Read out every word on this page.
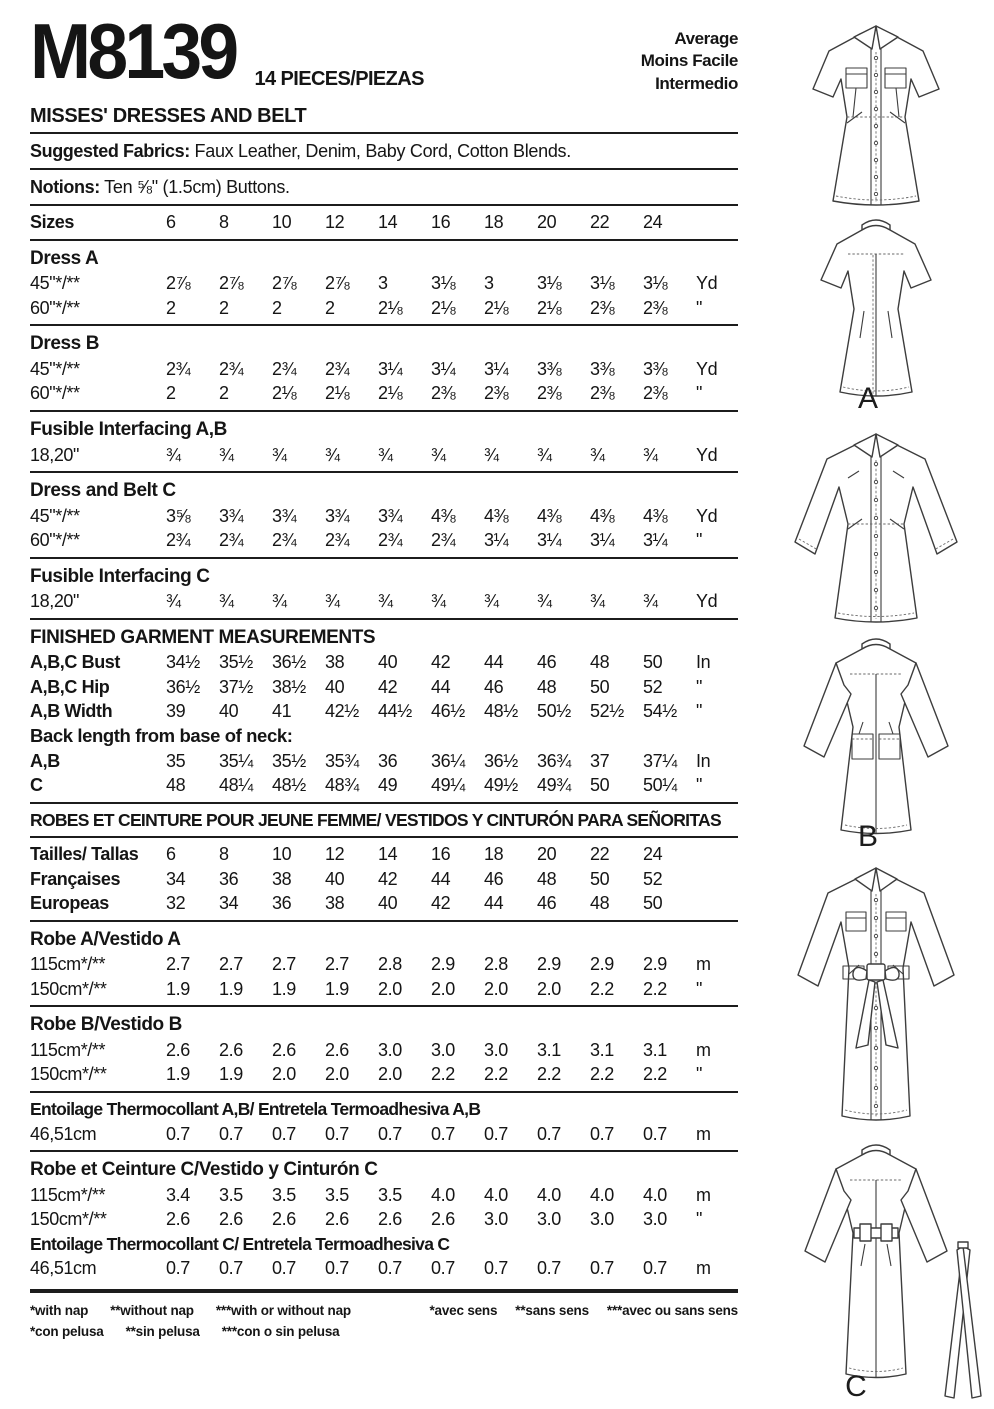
M8139 14 PIECES/PIEZAS
Average
Moins Facile
Intermedio
MISSES' DRESSES AND BELT
Suggested Fabrics: Faux Leather, Denim, Baby Cord, Cotton Blends.
Notions: Ten ⅝" (1.5cm) Buttons.
Sizes	6	8	10	12	14	16	18	20	22	24
Dress A
45"*/**	2⅞	2⅞	2⅞	2⅞	3	3⅛	3	3⅛	3⅛	3⅛	Yd
60"*/**	2	2	2	2	2⅛	2⅛	2⅛	2⅛	2⅜	2⅜	"
Dress B
45"*/**	2¾	2¾	2¾	2¾	3¼	3¼	3¼	3⅜	3⅜	3⅜	Yd
60"*/**	2	2	2⅛	2⅛	2⅛	2⅜	2⅜	2⅜	2⅜	2⅜	"
Fusible Interfacing A,B
18,20"	¾	¾	¾	¾	¾	¾	¾	¾	¾	¾	Yd
Dress and Belt C
45"*/**	3⅝	3¾	3¾	3¾	3¾	4⅜	4⅜	4⅜	4⅜	4⅜	Yd
60"*/**	2¾	2¾	2¾	2¾	2¾	2¾	3¼	3¼	3¼	3¼	"
Fusible Interfacing C
18,20"	¾	¾	¾	¾	¾	¾	¾	¾	¾	¾	Yd
FINISHED GARMENT MEASUREMENTS
A,B,C Bust	34½	35½	36½	38	40	42	44	46	48	50	In
A,B,C Hip	36½	37½	38½	40	42	44	46	48	50	52	"
A,B Width	39	40	41	42½	44½	46½	48½	50½	52½	54½	"
Back length from base of neck:
A,B	35	35¼	35½	35¾	36	36¼	36½	36¾	37	37¼	In
C	48	48¼	48½	48¾	49	49¼	49½	49¾	50	50¼	"
ROBES ET CEINTURE POUR JEUNE FEMME/ VESTIDOS Y CINTURÓN PARA SEÑORITAS
Tailles/ Tallas	6	8	10	12	14	16	18	20	22	24
Françaises	34	36	38	40	42	44	46	48	50	52
Europeas	32	34	36	38	40	42	44	46	48	50
Robe A/Vestido A
115cm*/**	2.7	2.7	2.7	2.7	2.8	2.9	2.8	2.9	2.9	2.9	m
150cm*/**	1.9	1.9	1.9	1.9	2.0	2.0	2.0	2.0	2.2	2.2	"
Robe B/Vestido B
115cm*/**	2.6	2.6	2.6	2.6	3.0	3.0	3.0	3.1	3.1	3.1	m
150cm*/**	1.9	1.9	2.0	2.0	2.0	2.2	2.2	2.2	2.2	2.2	"
Entoilage Thermocollant A,B/ Entretela Termoadhesiva A,B
46,51cm	0.7	0.7	0.7	0.7	0.7	0.7	0.7	0.7	0.7	0.7	m
Robe et Ceinture C/Vestido y Cinturón C
115cm*/**	3.4	3.5	3.5	3.5	3.5	4.0	4.0	4.0	4.0	4.0	m
150cm*/**	2.6	2.6	2.6	2.6	2.6	2.6	3.0	3.0	3.0	3.0	"
Entoilage Thermocollant C/ Entretela Termoadhesiva C
46,51cm	0.7	0.7	0.7	0.7	0.7	0.7	0.7	0.7	0.7	0.7	m
*with nap **without nap ***with or without nap	*avec sens **sans sens ***avec ou sans sens
*con pelusa **sin pelusa ***con o sin pelusa
A
B
C
